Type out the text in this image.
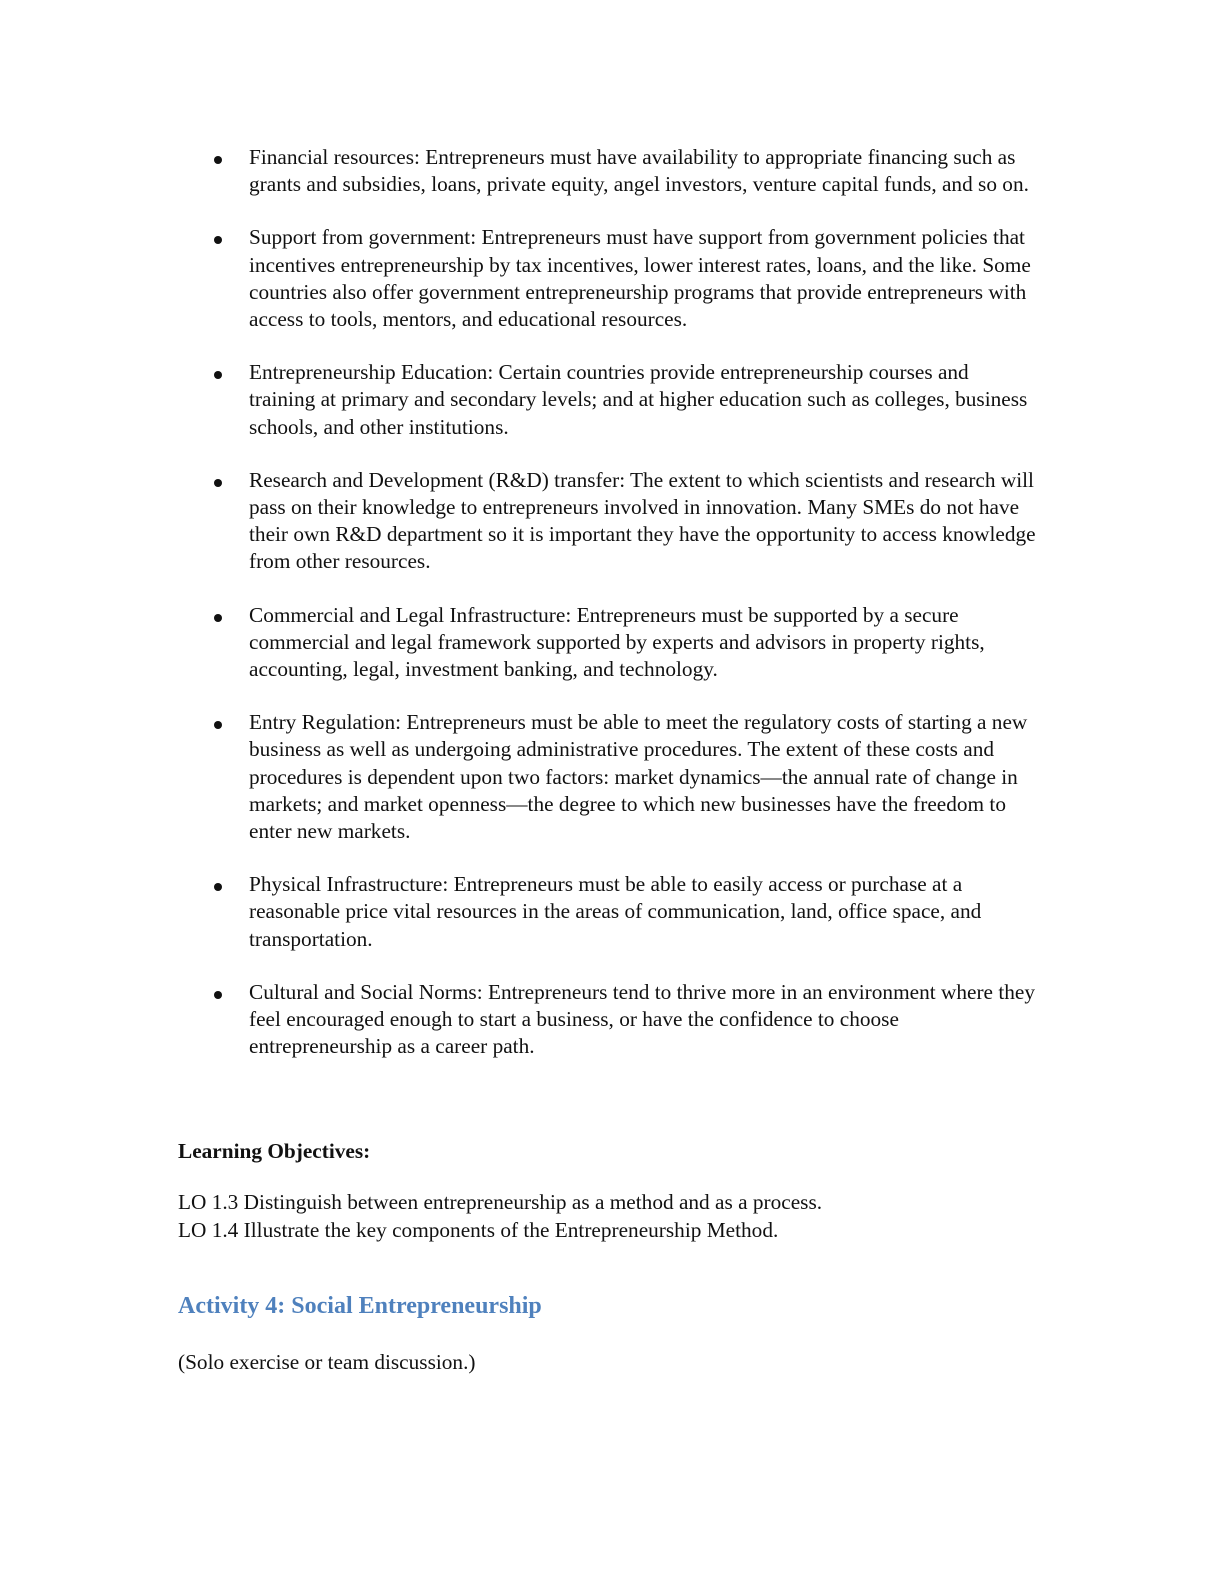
Financial resources: Entrepreneurs must have availability to appropriate financing such as grants and subsidies, loans, private equity, angel investors, venture capital funds, and so on.
Support from government: Entrepreneurs must have support from government policies that incentives entrepreneurship by tax incentives, lower interest rates, loans, and the like. Some countries also offer government entrepreneurship programs that provide entrepreneurs with access to tools, mentors, and educational resources.
Entrepreneurship Education: Certain countries provide entrepreneurship courses and training at primary and secondary levels; and at higher education such as colleges, business schools, and other institutions.
Research and Development (R&D) transfer: The extent to which scientists and research will pass on their knowledge to entrepreneurs involved in innovation. Many SMEs do not have their own R&D department so it is important they have the opportunity to access knowledge from other resources.
Commercial and Legal Infrastructure: Entrepreneurs must be supported by a secure commercial and legal framework supported by experts and advisors in property rights, accounting, legal, investment banking, and technology.
Entry Regulation: Entrepreneurs must be able to meet the regulatory costs of starting a new business as well as undergoing administrative procedures. The extent of these costs and procedures is dependent upon two factors: market dynamics—the annual rate of change in markets; and market openness—the degree to which new businesses have the freedom to enter new markets.
Physical Infrastructure: Entrepreneurs must be able to easily access or purchase at a reasonable price vital resources in the areas of communication, land, office space, and transportation.
Cultural and Social Norms: Entrepreneurs tend to thrive more in an environment where they feel encouraged enough to start a business, or have the confidence to choose entrepreneurship as a career path.

Learning Objectives:

LO 1.3 Distinguish between entrepreneurship as a method and as a process.
LO 1.4 Illustrate the key components of the Entrepreneurship Method.
Activity 4: Social Entrepreneurship

(Solo exercise or team discussion.)
